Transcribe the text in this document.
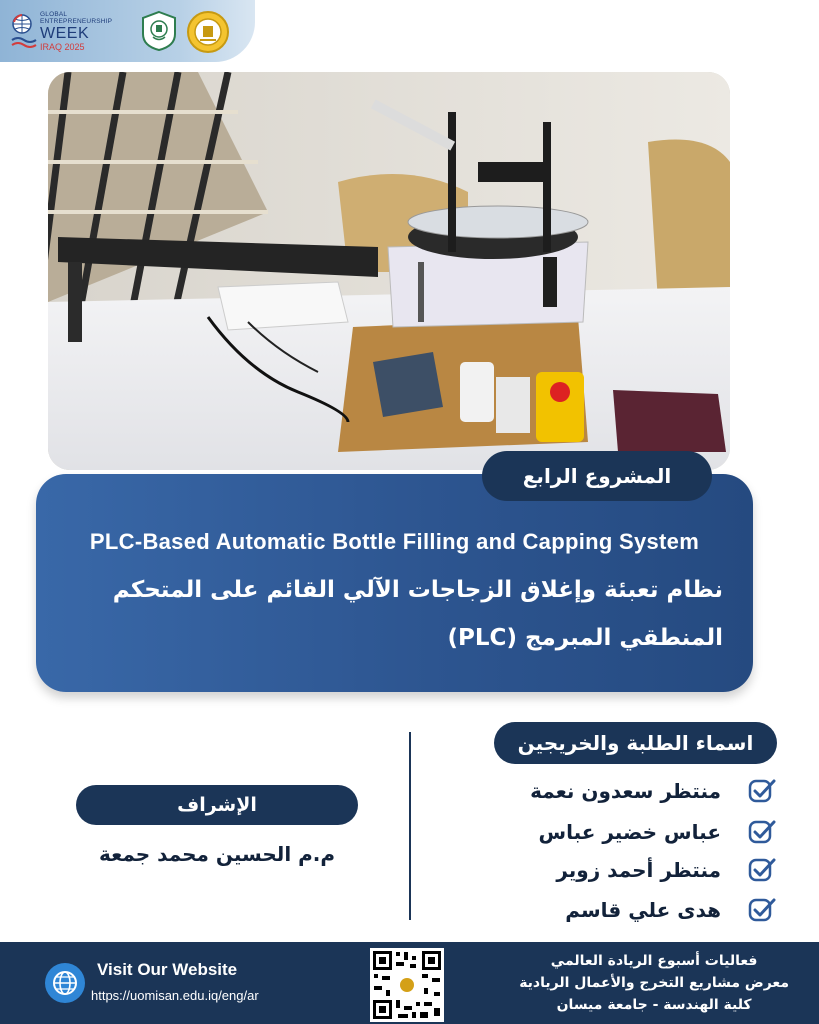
GLOBAL
ENTREPRENEURSHIP
WEEK
IRAQ 2025
المشروع الرابع
PLC-Based Automatic Bottle Filling and Capping System
نظام تعبئة وإغلاق الزجاجات الآلي القائم على المتحكم المنطقي المبرمج (PLC)
اسماء الطلبة والخريجين
منتظر سعدون نعمة
عباس خضير عباس
منتظر أحمد زوير
هدى علي قاسم
الإشراف
م.م الحسين محمد جمعة
Visit Our Website
https://uomisan.edu.iq/eng/ar
فعاليات أسبوع الريادة العالمي
معرض مشاريع التخرج والأعمال الريادية
كلية الهندسة - جامعة ميسان
